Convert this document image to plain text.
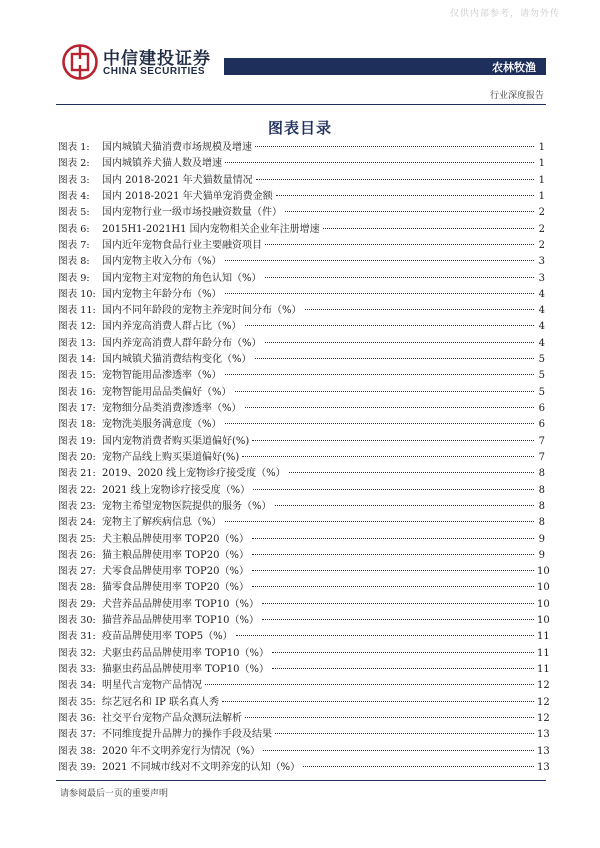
仅供内部参考，请勿外传
中信建投证券
CHINA SECURITIES	农林牧渔
行业深度报告
图表目录
图表 1:	国内城镇犬猫消费市场规模及增速	1
图表 2:	国内城镇养犬猫人数及增速	1
图表 3:	国内 2018-2021 年犬猫数量情况	1
图表 4:	国内 2018-2021 年犬猫单宠消费金额	1
图表 5:	国内宠物行业一级市场投融资数量（件）	2
图表 6:	2015H1-2021H1 国内宠物相关企业年注册增速	2
图表 7:	国内近年宠物食品行业主要融资项目	2
图表 8:	国内宠物主收入分布（%）	3
图表 9:	国内宠物主对宠物的角色认知（%）	3
图表 10: 国内宠物主年龄分布（%）	4
图表 11: 国内不同年龄段的宠物主养宠时间分布（%）	4
图表 12: 国内养宠高消费人群占比（%）	4
图表 13: 国内养宠高消费人群年龄分布（%）	4
图表 14: 国内城镇犬猫消费结构变化（%）	5
图表 15: 宠物智能用品渗透率（%）	5
图表 16: 宠物智能用品品类偏好（%）	5
图表 17: 宠物细分品类消费渗透率（%）	6
图表 18: 宠物洗美服务满意度（%）	6
图表 19: 国内宠物消费者购买渠道偏好(%)	7
图表 20: 宠物产品线上购买渠道偏好(%)	7
图表 21: 2019、2020 线上宠物诊疗接受度（%）	8
图表 22: 2021 线上宠物诊疗接受度（%）	8
图表 23: 宠物主希望宠物医院提供的服务（%）	8
图表 24: 宠物主了解疾病信息（%）	8
图表 25: 犬主粮品牌使用率 TOP20（%）	9
图表 26: 猫主粮品牌使用率 TOP20（%）	9
图表 27: 犬零食品牌使用率 TOP20（%）	10
图表 28: 猫零食品牌使用率 TOP20（%）	10
图表 29: 犬营养品品牌使用率 TOP10（%）	10
图表 30: 猫营养品品牌使用率 TOP10（%）	10
图表 31: 疫苗品牌使用率 TOP5（%）	11
图表 32: 犬驱虫药品品牌使用率 TOP10（%）	11
图表 33: 猫驱虫药品品牌使用率 TOP10（%）	11
图表 34: 明星代言宠物产品情况	12
图表 35: 综艺冠名和 IP 联名真人秀	12
图表 36: 社交平台宠物产品众测玩法解析	12
图表 37: 不同维度提升品牌力的操作手段及结果	13
图表 38: 2020 年不文明养宠行为情况（%）	13
图表 39: 2021 不同城市线对不文明养宠的认知（%）	13
请参阅最后一页的重要声明
